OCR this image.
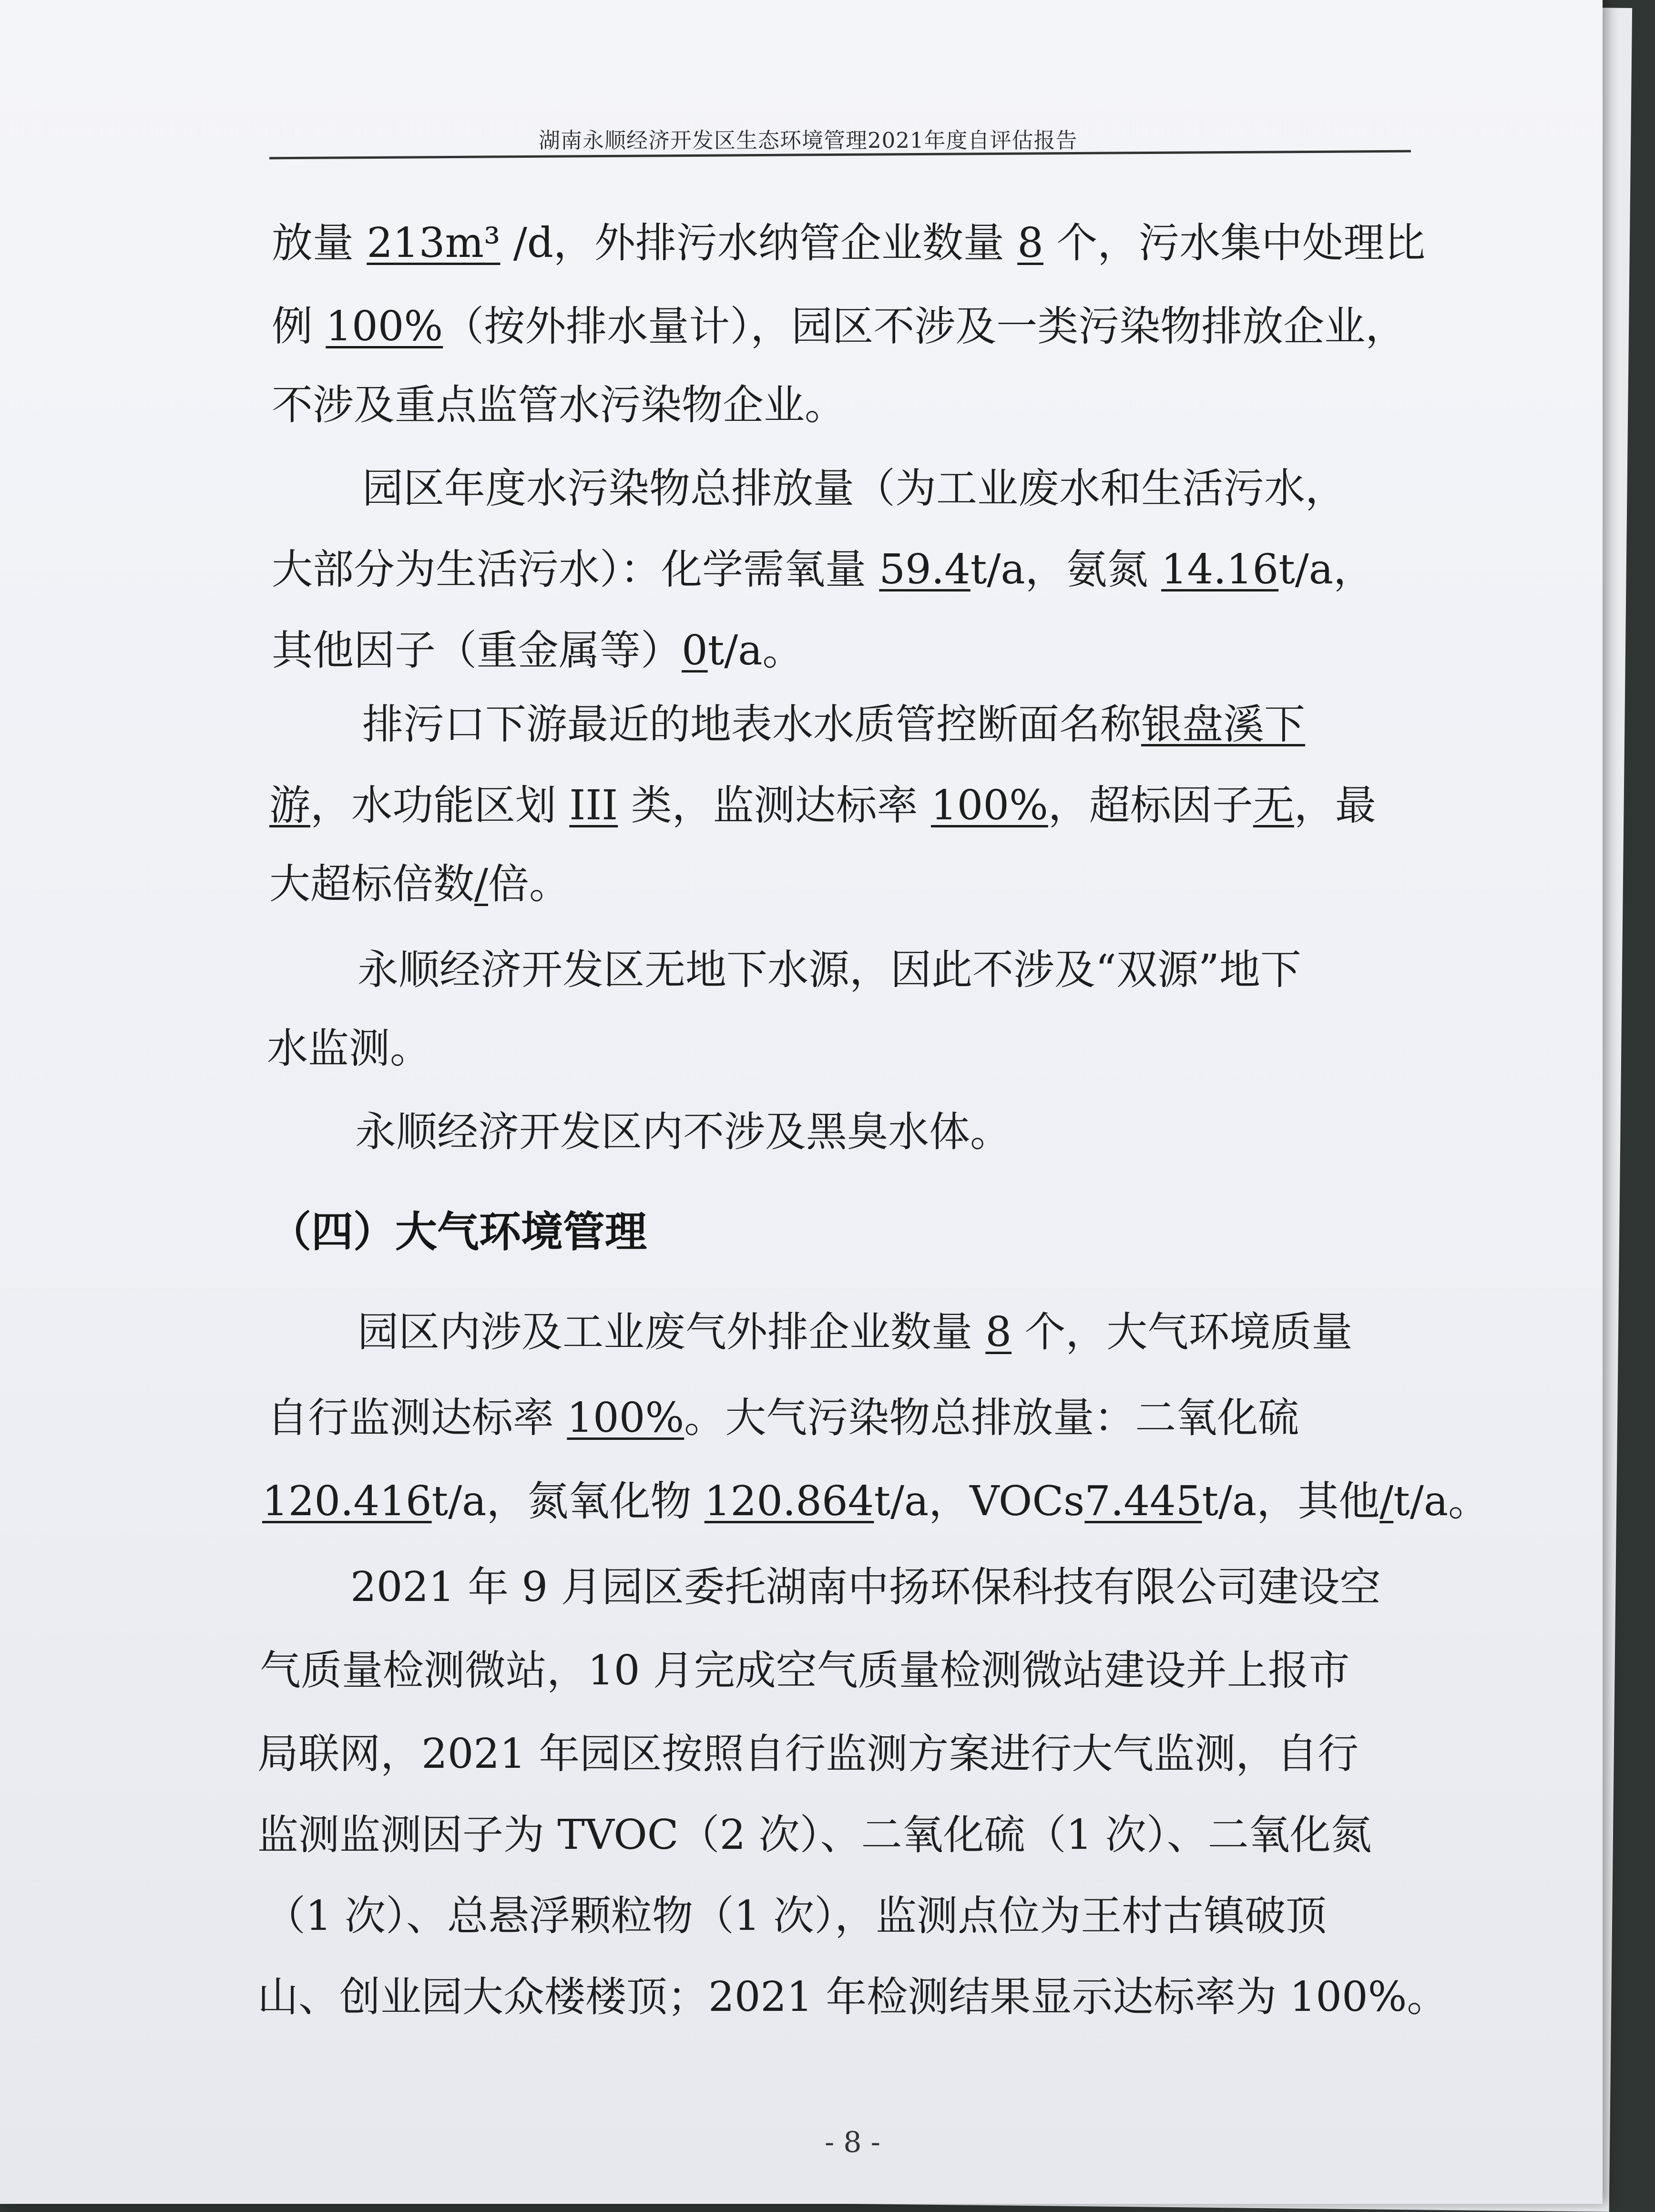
湖南永顺经济开发区生态环境管理2021年度自评估报告
放量 213m³ /d，外排污水纳管企业数量 8 个，污水集中处理比
例 100%（按外排水量计），园区不涉及一类污染物排放企业，
不涉及重点监管水污染物企业。
园区年度水污染物总排放量（为工业废水和生活污水，
大部分为生活污水）：化学需氧量 59.4t/a，氨氮 14.16t/a，
其他因子（重金属等）0t/a。
排污口下游最近的地表水水质管控断面名称银盘溪下
游，水功能区划 III 类，监测达标率 100%，超标因子无，最
大超标倍数/倍。
永顺经济开发区无地下水源，因此不涉及“双源”地下
水监测。
永顺经济开发区内不涉及黑臭水体。
园区内涉及工业废气外排企业数量 8 个，大气环境质量
自行监测达标率 100%。大气污染物总排放量：二氧化硫
120.416t/a，氮氧化物 120.864t/a，VOCs7.445t/a，其他/t/a。
2021 年 9 月园区委托湖南中扬环保科技有限公司建设空
气质量检测微站，10 月完成空气质量检测微站建设并上报市
局联网，2021 年园区按照自行监测方案进行大气监测，自行
监测监测因子为 TVOC（2 次）、二氧化硫（1 次）、二氧化氮
（1 次）、总悬浮颗粒物（1 次），监测点位为王村古镇破顶
山、创业园大众楼楼顶；2021 年检测结果显示达标率为 100%。
（四）大气环境管理
- 8 -
